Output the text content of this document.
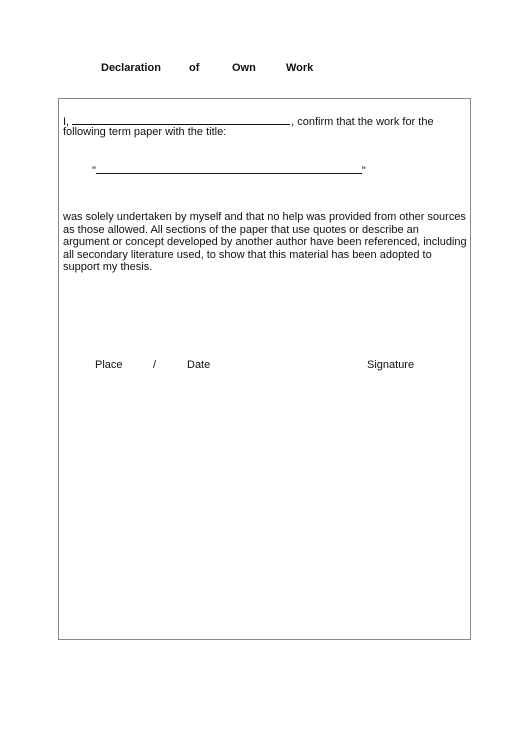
Declaration	of	Own	Work
I,	, confirm that the work for the
following term paper with the title:
"	"

was solely undertaken by myself and that no help was provided from other sources as those allowed. All sections of the paper that use quotes or describe an argument or concept developed by another author have been referenced, including all secondary literature used, to show that this material has been adopted to support my thesis.

Place	/	Date	Signature
